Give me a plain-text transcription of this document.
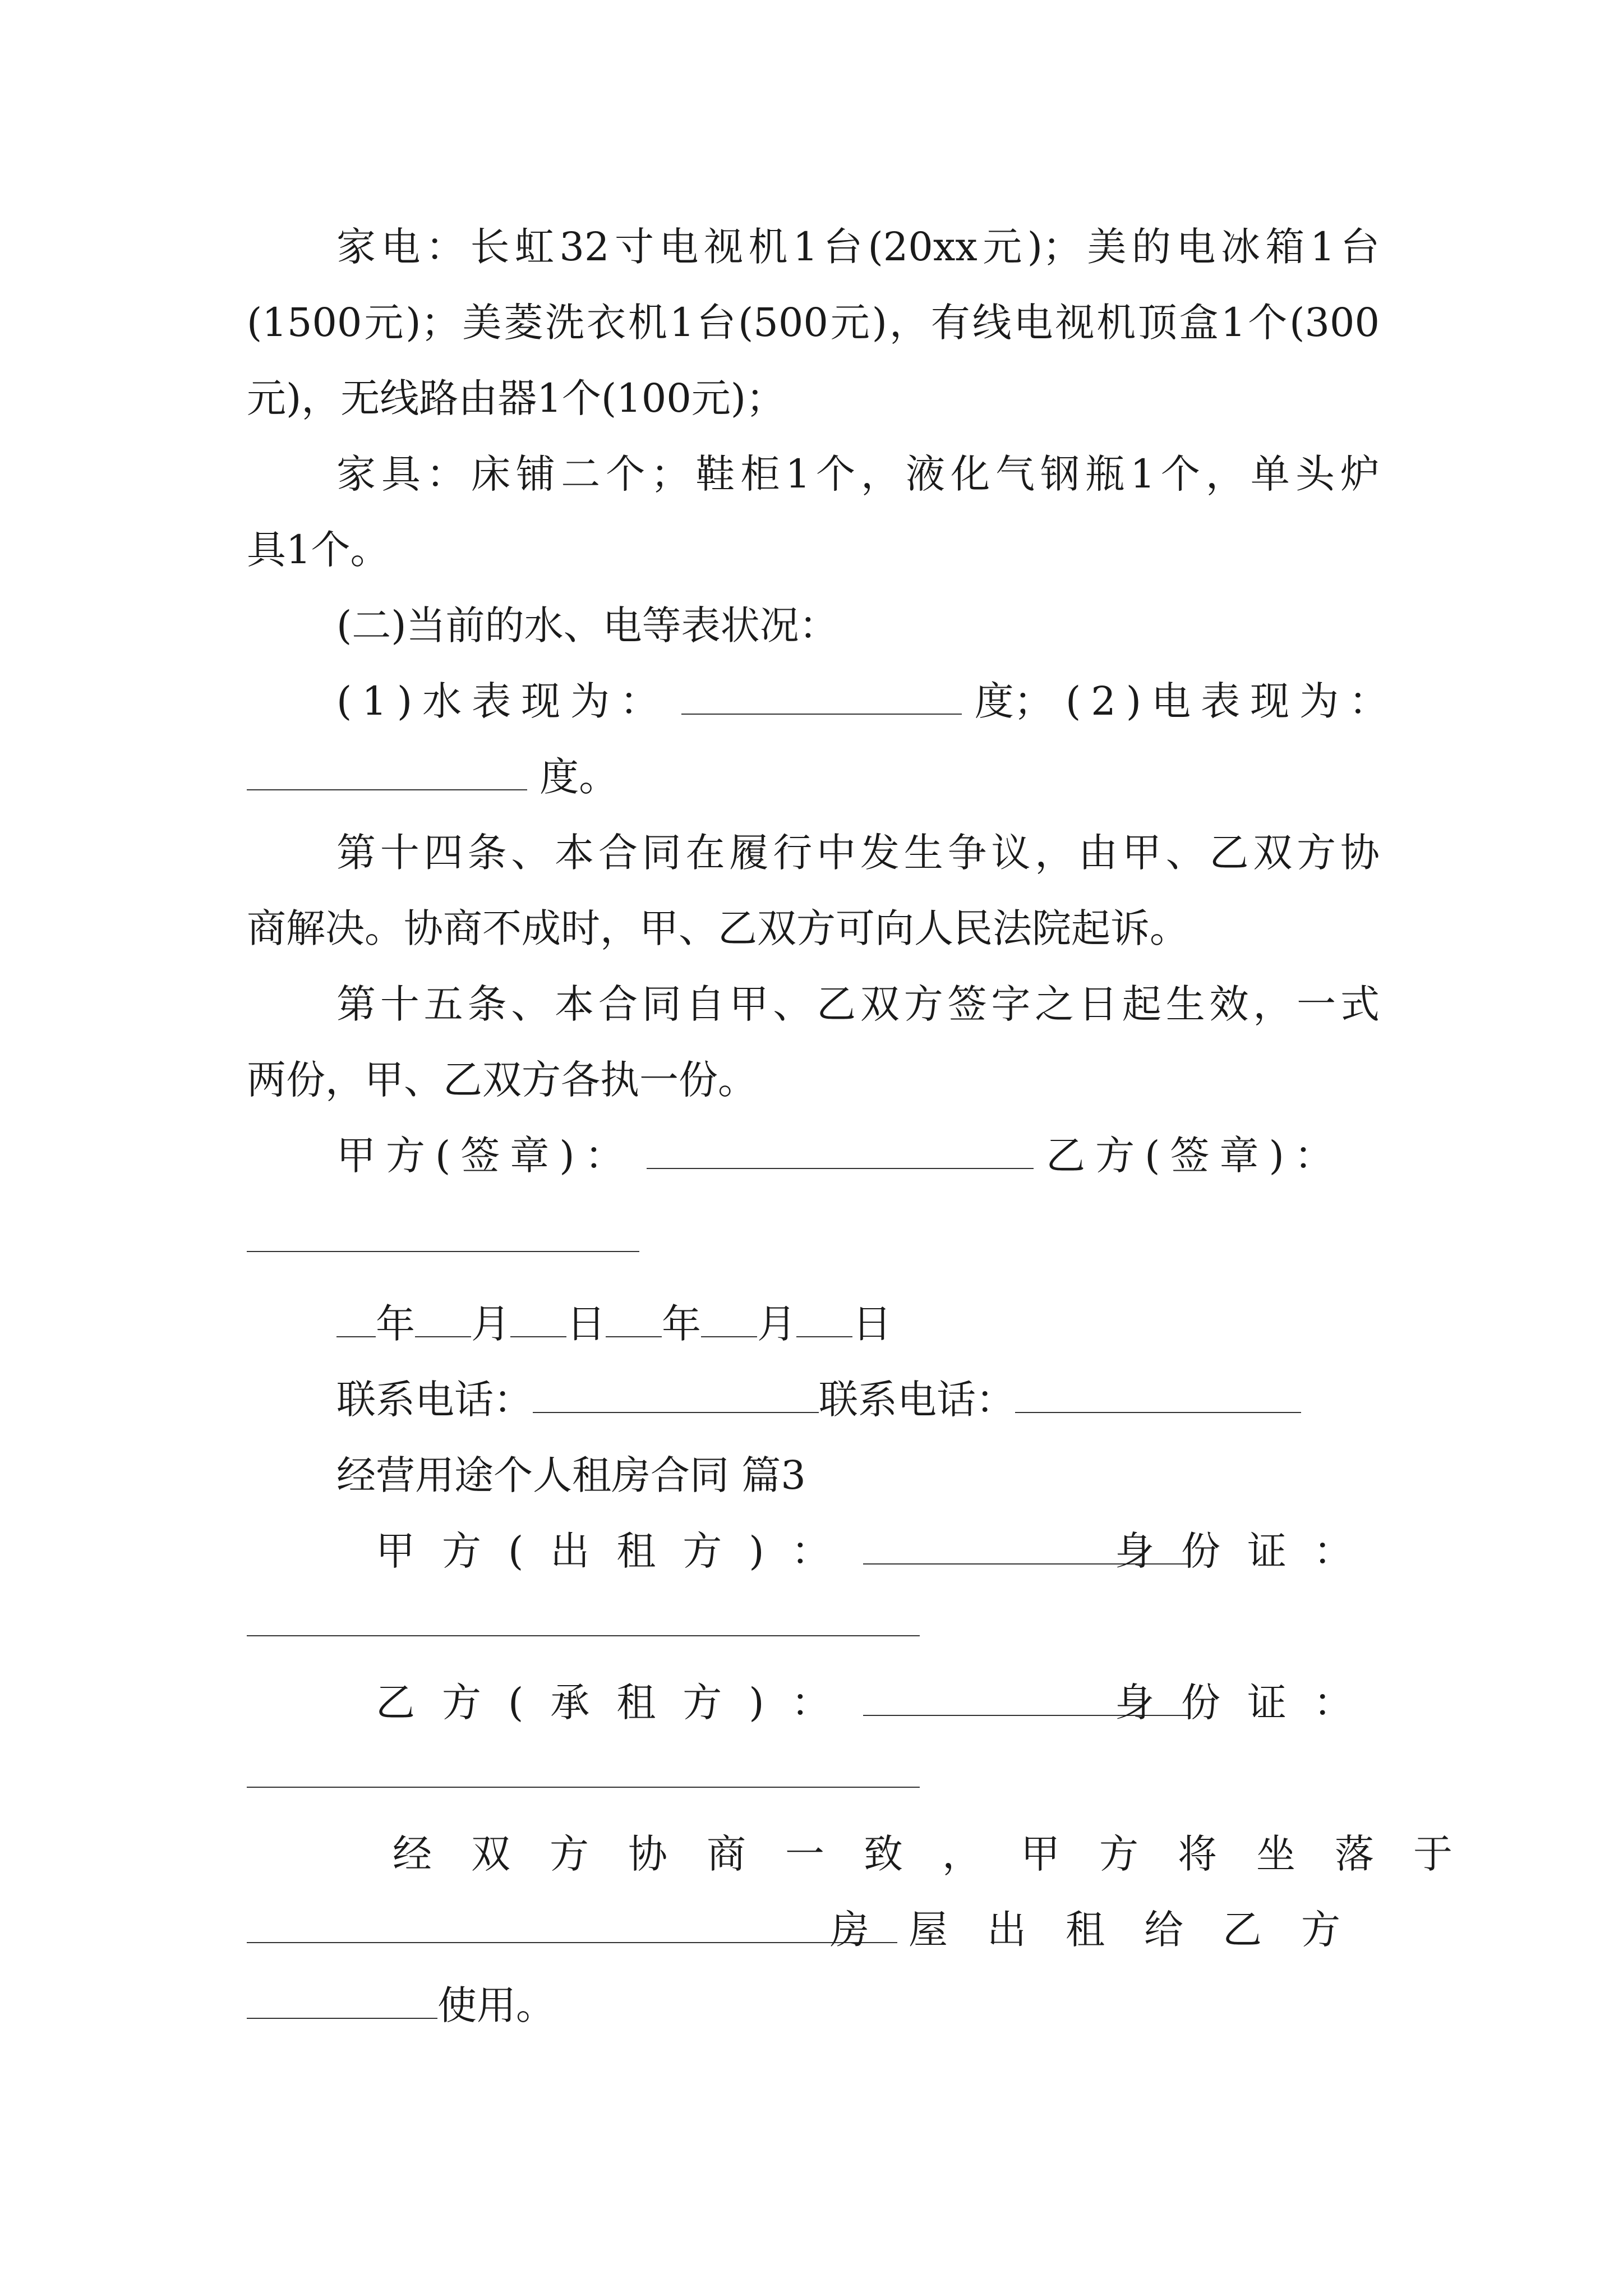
家电：长虹32寸电视机1台(20xx元)；美的电冰箱1台
(1500元)；美菱洗衣机1台(500元)，有线电视机顶盒1个(300
元)，无线路由器1个(100元)；
家具：床铺二个；鞋柜1个，液化气钢瓶1个，单头炉
具1个。
(二)当前的水、电等表状况：
(1)水表现为：	度； (2)电表现为：
度。
第十四条、本合同在履行中发生争议，由甲、乙双方协
商解决。协商不成时，甲、乙双方可向人民法院起诉。
第十五条、本合同自甲、乙双方签字之日起生效，一式
两份，甲、乙双方各执一份。
甲方(签章)：	乙方(签章)：
年 月 日 年 月 日
联系电话：	联系电话：
经营用途个人租房合同 篇3
甲方(出租方)：	身份证：
乙方(承租方)：	身份证：
经双方协商一致，甲方将坐落于
房屋出租给乙方
使用。
